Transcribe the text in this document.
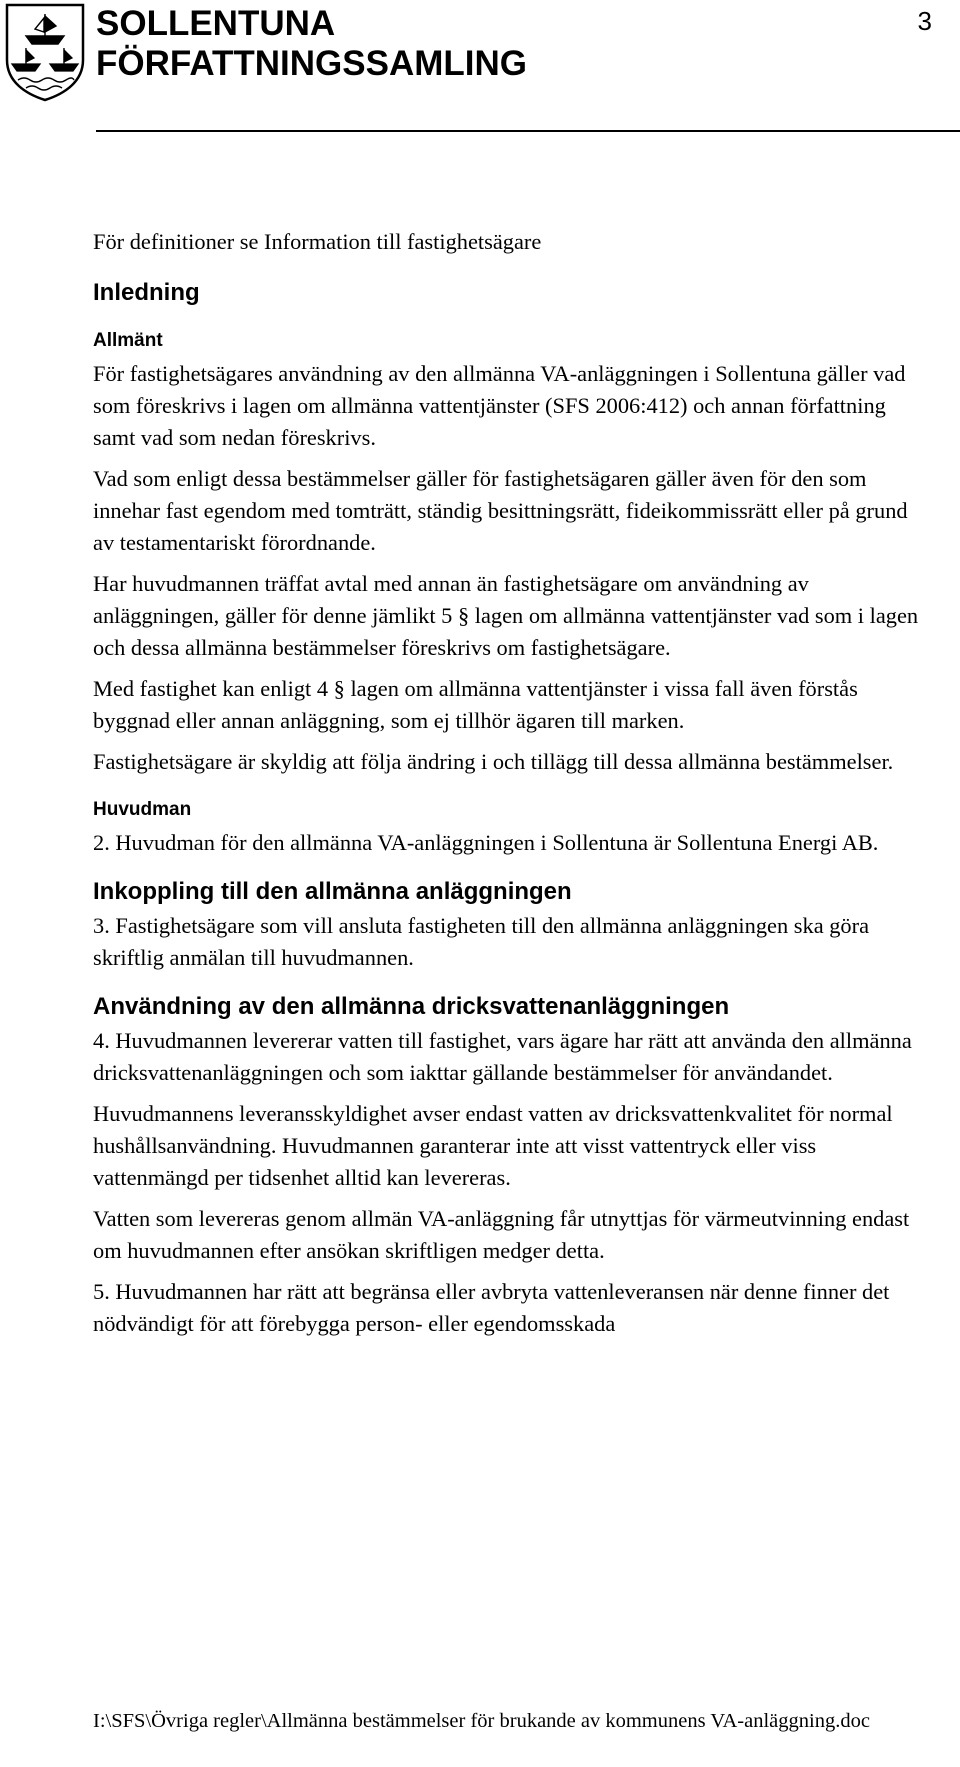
SOLLENTUNA
FÖRFATTNINGSSAMLING
3

För definitioner se Information till fastighetsägare

Inledning
Allmänt

För fastighetsägares användning av den allmänna VA-anläggningen i Sollentuna gäller vad som föreskrivs i lagen om allmänna vattentjänster (SFS 2006:412) och annan författning samt vad som nedan föreskrivs.

Vad som enligt dessa bestämmelser gäller för fastighetsägaren gäller även för den som innehar fast egendom med tomträtt, ständig besittningsrätt, fideikommissrätt eller på grund av testamentariskt förordnande.

Har huvudmannen träffat avtal med annan än fastighetsägare om användning av anläggningen, gäller för denne jämlikt 5 § lagen om allmänna vattentjänster vad som i lagen och dessa allmänna bestämmelser föreskrivs om fastighetsägare.

Med fastighet kan enligt 4 § lagen om allmänna vattentjänster i vissa fall även förstås byggnad eller annan anläggning, som ej tillhör ägaren till marken.

Fastighetsägare är skyldig att följa ändring i och tillägg till dessa allmänna bestämmelser.

Huvudman

2. Huvudman för den allmänna VA-anläggningen i Sollentuna är Sollentuna Energi AB.

Inkoppling till den allmänna anläggningen

3. Fastighetsägare som vill ansluta fastigheten till den allmänna anläggningen ska göra skriftlig anmälan till huvudmannen.

Användning av den allmänna dricksvattenanläggningen

4. Huvudmannen levererar vatten till fastighet, vars ägare har rätt att använda den allmänna dricksvattenanläggningen och som iakttar gällande bestämmelser för användandet.

Huvudmannens leveransskyldighet avser endast vatten av dricksvattenkvalitet för normal hushållsanvändning. Huvudmannen garanterar inte att visst vattentryck eller viss vattenmängd per tidsenhet alltid kan levereras.

Vatten som levereras genom allmän VA-anläggning får utnyttjas för värmeutvinning endast om huvudmannen efter ansökan skriftligen medger detta.

5. Huvudmannen har rätt att begränsa eller avbryta vattenleveransen när denne finner det nödvändigt för att förebygga person- eller egendomsskada

I:\SFS\Övriga regler\Allmänna bestämmelser för brukande av kommunens VA-anläggning.doc
